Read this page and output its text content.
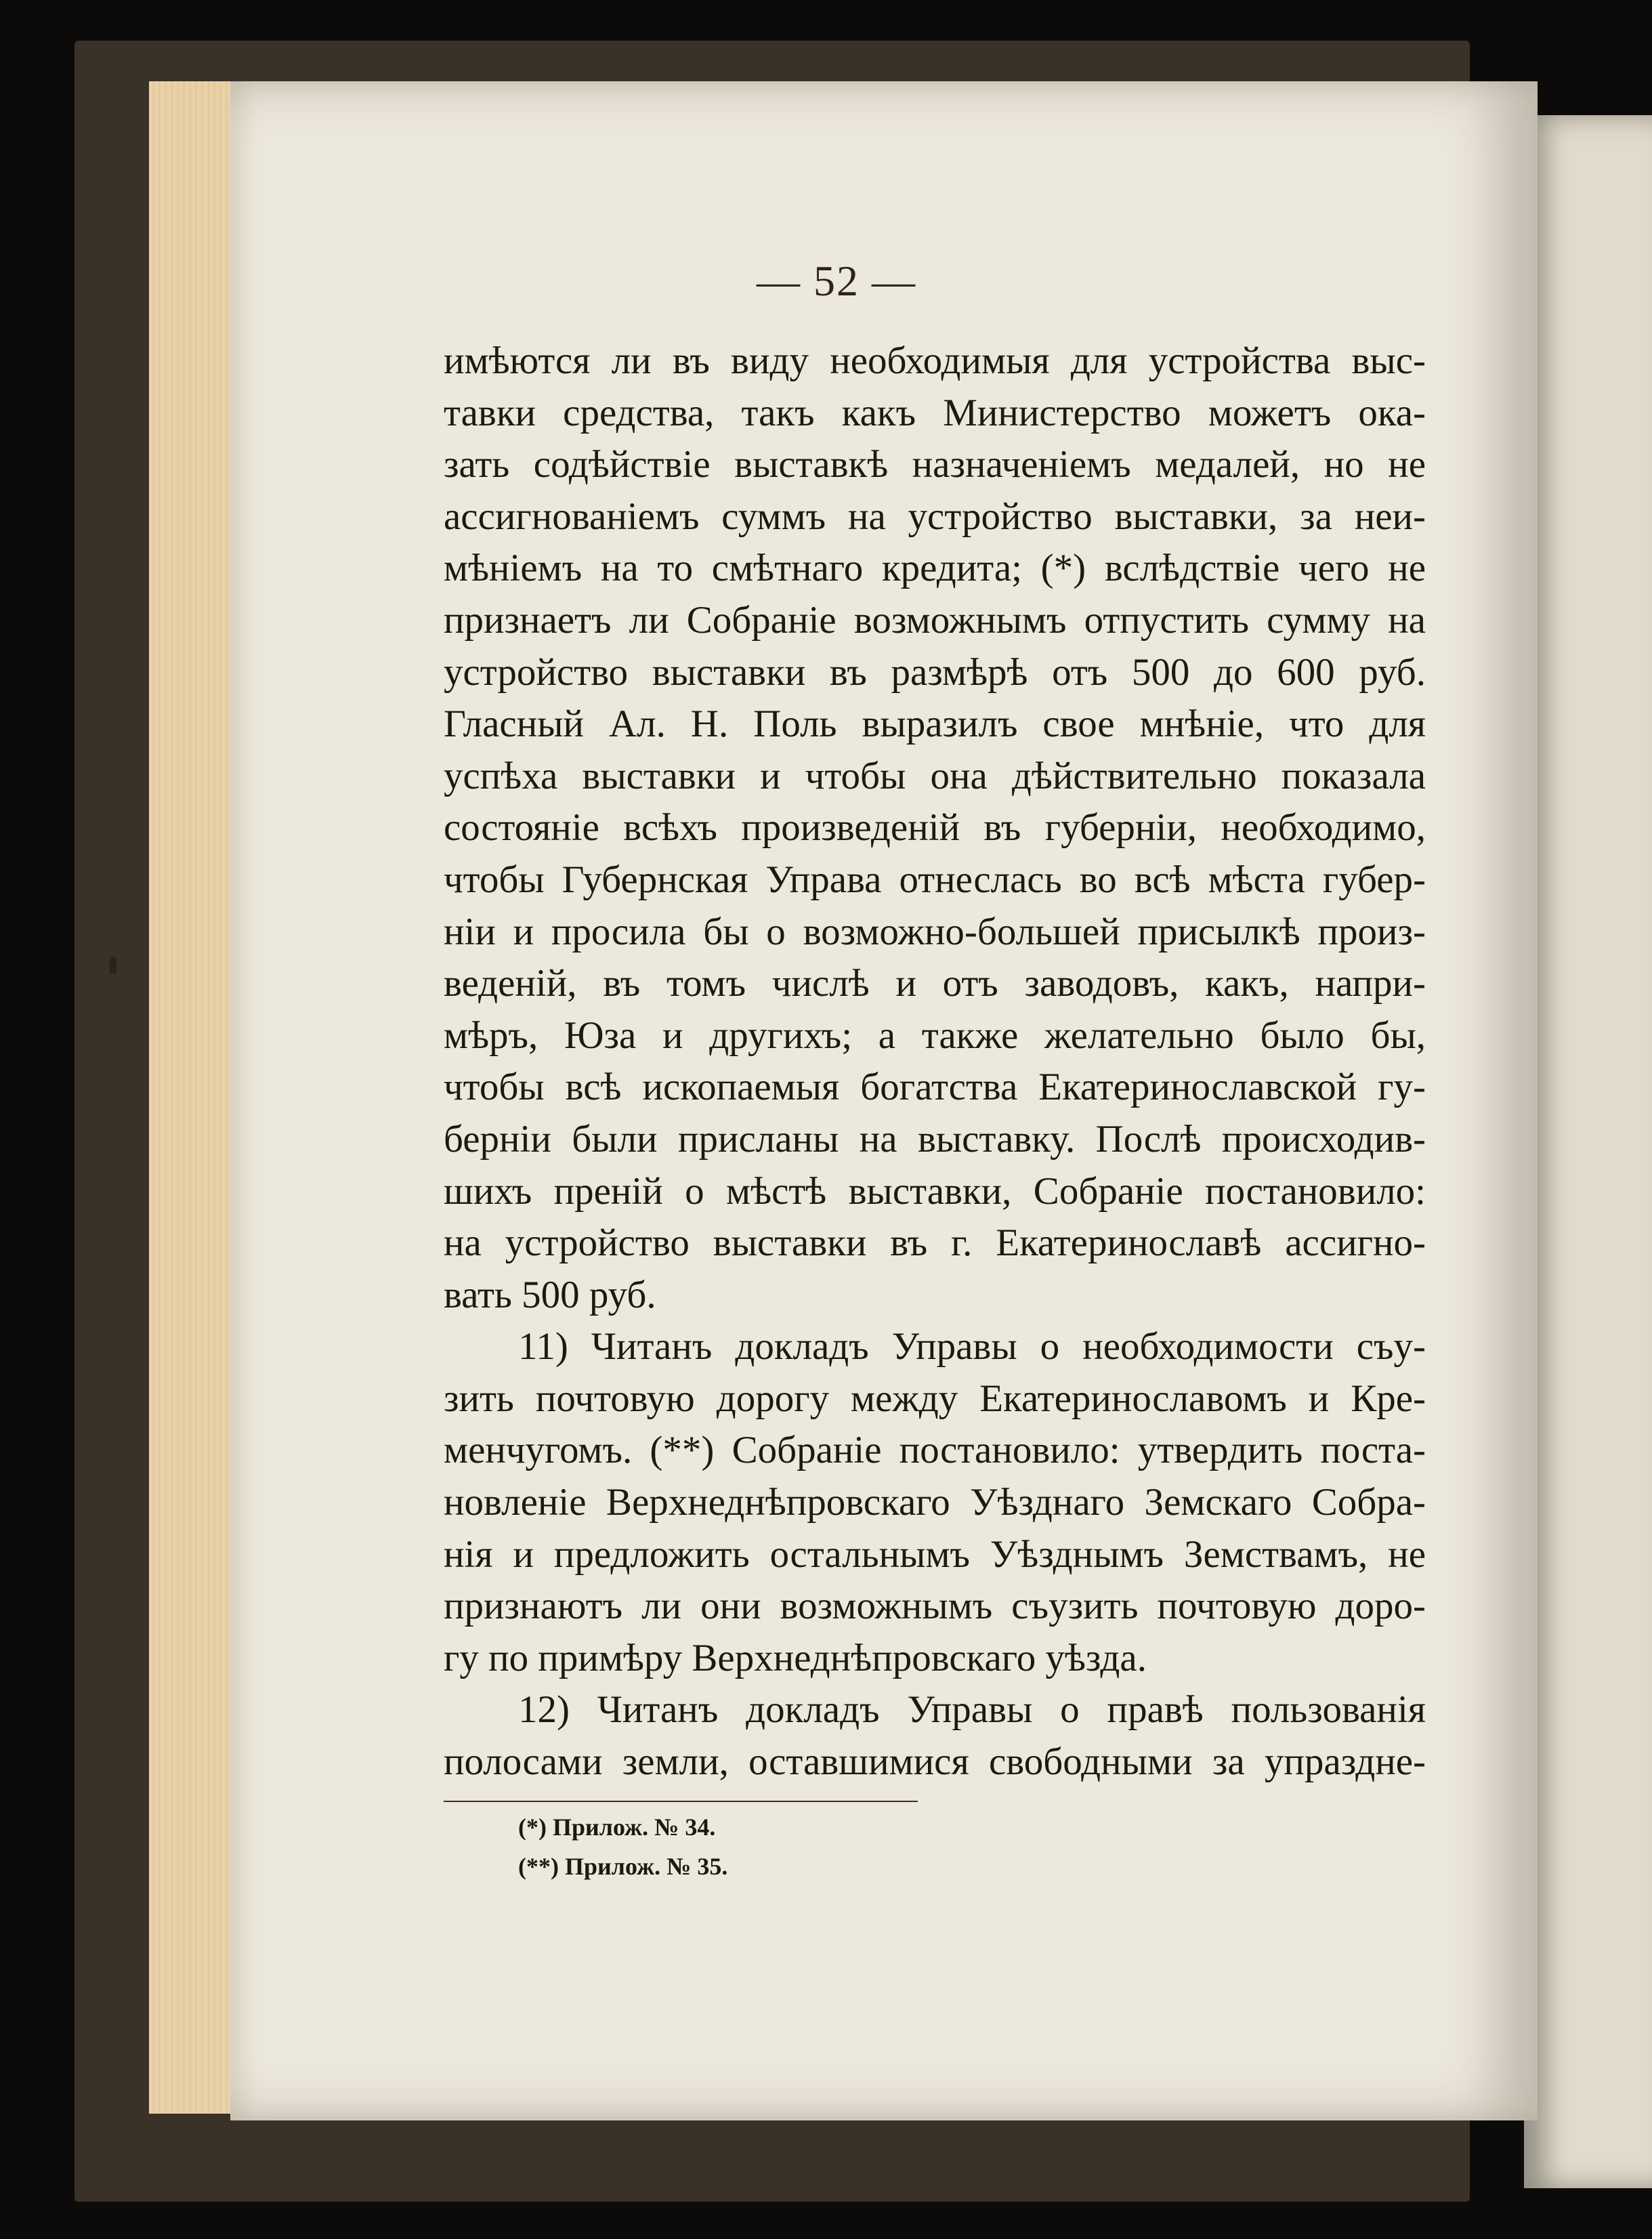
— 52 —
имѣются ли въ виду необходимыя для устройства выс-
тавки средства, такъ какъ Министерство можетъ ока-
зать содѣйствіе выставкѣ назначеніемъ медалей, но не
ассигнованіемъ суммъ на устройство выставки, за неи-
мѣніемъ на то смѣтнаго кредита; (*) вслѣдствіе чего не
признаетъ ли Собраніе возможнымъ отпустить сумму на
устройство выставки въ размѣрѣ отъ 500 до 600 руб.
Гласный Ал. Н. Поль выразилъ свое мнѣніе, что для
успѣха выставки и чтобы она дѣйствительно показала
состояніе всѣхъ произведеній въ губерніи, необходимо,
чтобы Губернская Управа отнеслась во всѣ мѣста губер-
ніи и просила бы о возможно-большей присылкѣ произ-
веденій, въ томъ числѣ и отъ заводовъ, какъ, напри-
мѣръ, Юза и другихъ; а также желательно было бы,
чтобы всѣ ископаемыя богатства Екатеринославской гу-
берніи были присланы на выставку. Послѣ происходив-
шихъ преній о мѣстѣ выставки, Собраніе постановило:
на устройство выставки въ г. Екатеринославѣ ассигно-
вать 500 руб.
11) Читанъ докладъ Управы о необходимости съу-
зить почтовую дорогу между Екатеринославомъ и Кре-
менчугомъ. (**) Собраніе постановило: утвердить поста-
новленіе Верхнеднѣпровскаго Уѣзднаго Земскаго Собра-
нія и предложить остальнымъ Уѣзднымъ Земствамъ, не
признаютъ ли они возможнымъ съузить почтовую доро-
гу по примѣру Верхнеднѣпровскаго уѣзда.
12) Читанъ докладъ Управы о правѣ пользованія
полосами земли, оставшимися свободными за упраздне-
(*) Прилож. № 34.
(**) Прилож. № 35.
